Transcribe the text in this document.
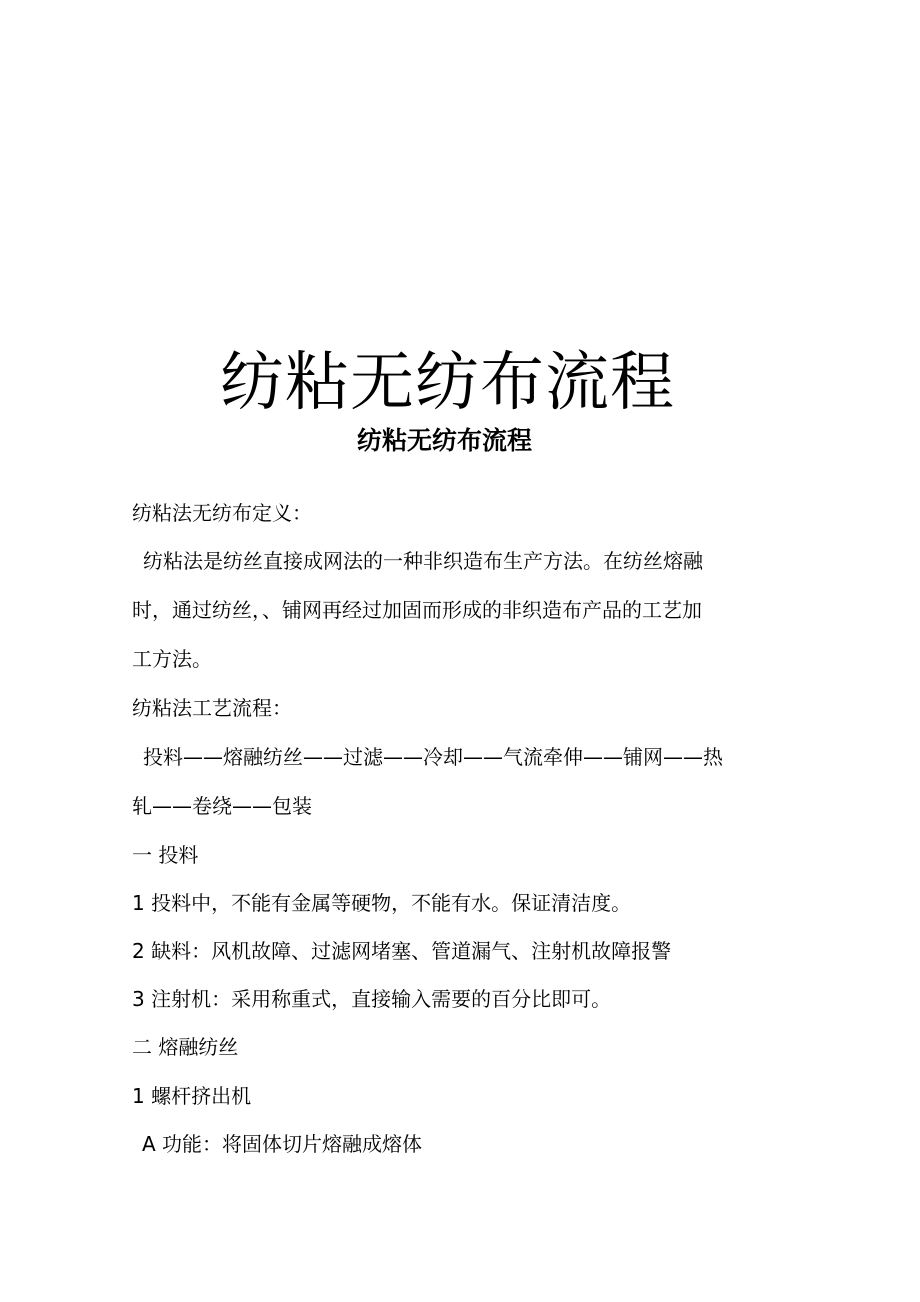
纺粘无纺布流程
纺粘无纺布流程
纺粘法无纺布定义：
纺粘法是纺丝直接成网法的一种非织造布生产方法。在纺丝熔融
时，通过纺丝，、铺网再经过加固而形成的非织造布产品的工艺加
工方法。
纺粘法工艺流程：
投料——熔融纺丝——过滤——冷却——气流牵伸——铺网——热
轧——卷绕——包装
一 投料
1 投料中，不能有金属等硬物，不能有水。保证清洁度。
2 缺料：风机故障、过滤网堵塞、管道漏气、注射机故障报警
3 注射机：采用称重式，直接输入需要的百分比即可。
二 熔融纺丝
1 螺杆挤出机
A 功能：将固体切片熔融成熔体
